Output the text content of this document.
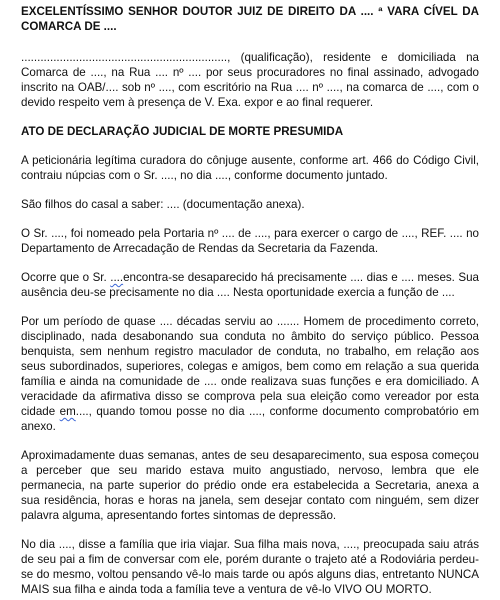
EXCELENTÍSSIMO SENHOR DOUTOR JUIZ DE DIREITO DA .... ª VARA CÍVEL DA COMARCA DE ....

................................................................, (qualificação), residente e domiciliada na Comarca de ...., na Rua .... nº .... por seus procuradores no final assinado, advogado inscrito na OAB/.... sob nº ...., com escritório na Rua .... nº ...., na comarca de ...., com o devido respeito vem à presença de V. Exa. expor e ao final requerer.

ATO DE DECLARAÇÃO JUDICIAL DE MORTE PRESUMIDA

A peticionária legítima curadora do cônjuge ausente, conforme art. 466 do Código Civil, contraiu núpcias com o Sr. ...., no dia ...., conforme documento juntado.

São filhos do casal a saber: .... (documentação anexa).

O Sr. ...., foi nomeado pela Portaria nº .... de ...., para exercer o cargo de ...., REF. .... no Departamento de Arrecadação de Rendas da Secretaria da Fazenda.

Ocorre que o Sr. ....encontra-se desaparecido há precisamente .... dias e .... meses. Sua ausência deu-se precisamente no dia .... Nesta oportunidade exercia a função de ....

Por um período de quase .... décadas serviu ao ....... Homem de procedimento correto, disciplinado, nada desabonando sua conduta no âmbito do serviço público. Pessoa benquista, sem nenhum registro maculador de conduta, no trabalho, em relação aos seus subordinados, superiores, colegas e amigos, bem como em relação a sua querida família e ainda na comunidade de .... onde realizava suas funções e era domiciliado. A veracidade da afirmativa disso se comprova pela sua eleição como vereador por esta cidade em...., quando tomou posse no dia ...., conforme documento comprobatório em anexo.

Aproximadamente duas semanas, antes de seu desaparecimento, sua esposa começou a perceber que seu marido estava muito angustiado, nervoso, lembra que ele permanecia, na parte superior do prédio onde era estabelecida a Secretaria, anexa a sua residência, horas e horas na janela, sem desejar contato com ninguém, sem dizer palavra alguma, apresentando fortes sintomas de depressão.

No dia ...., disse a família que iria viajar. Sua filha mais nova, ...., preocupada saiu atrás de seu pai a fim de conversar com ele, porém durante o trajeto até a Rodoviária perdeu-se do mesmo, voltou pensando vê-lo mais tarde ou após alguns dias, entretanto NUNCA MAIS sua filha e ainda toda a família teve a ventura de vê-lo VIVO OU MORTO.
